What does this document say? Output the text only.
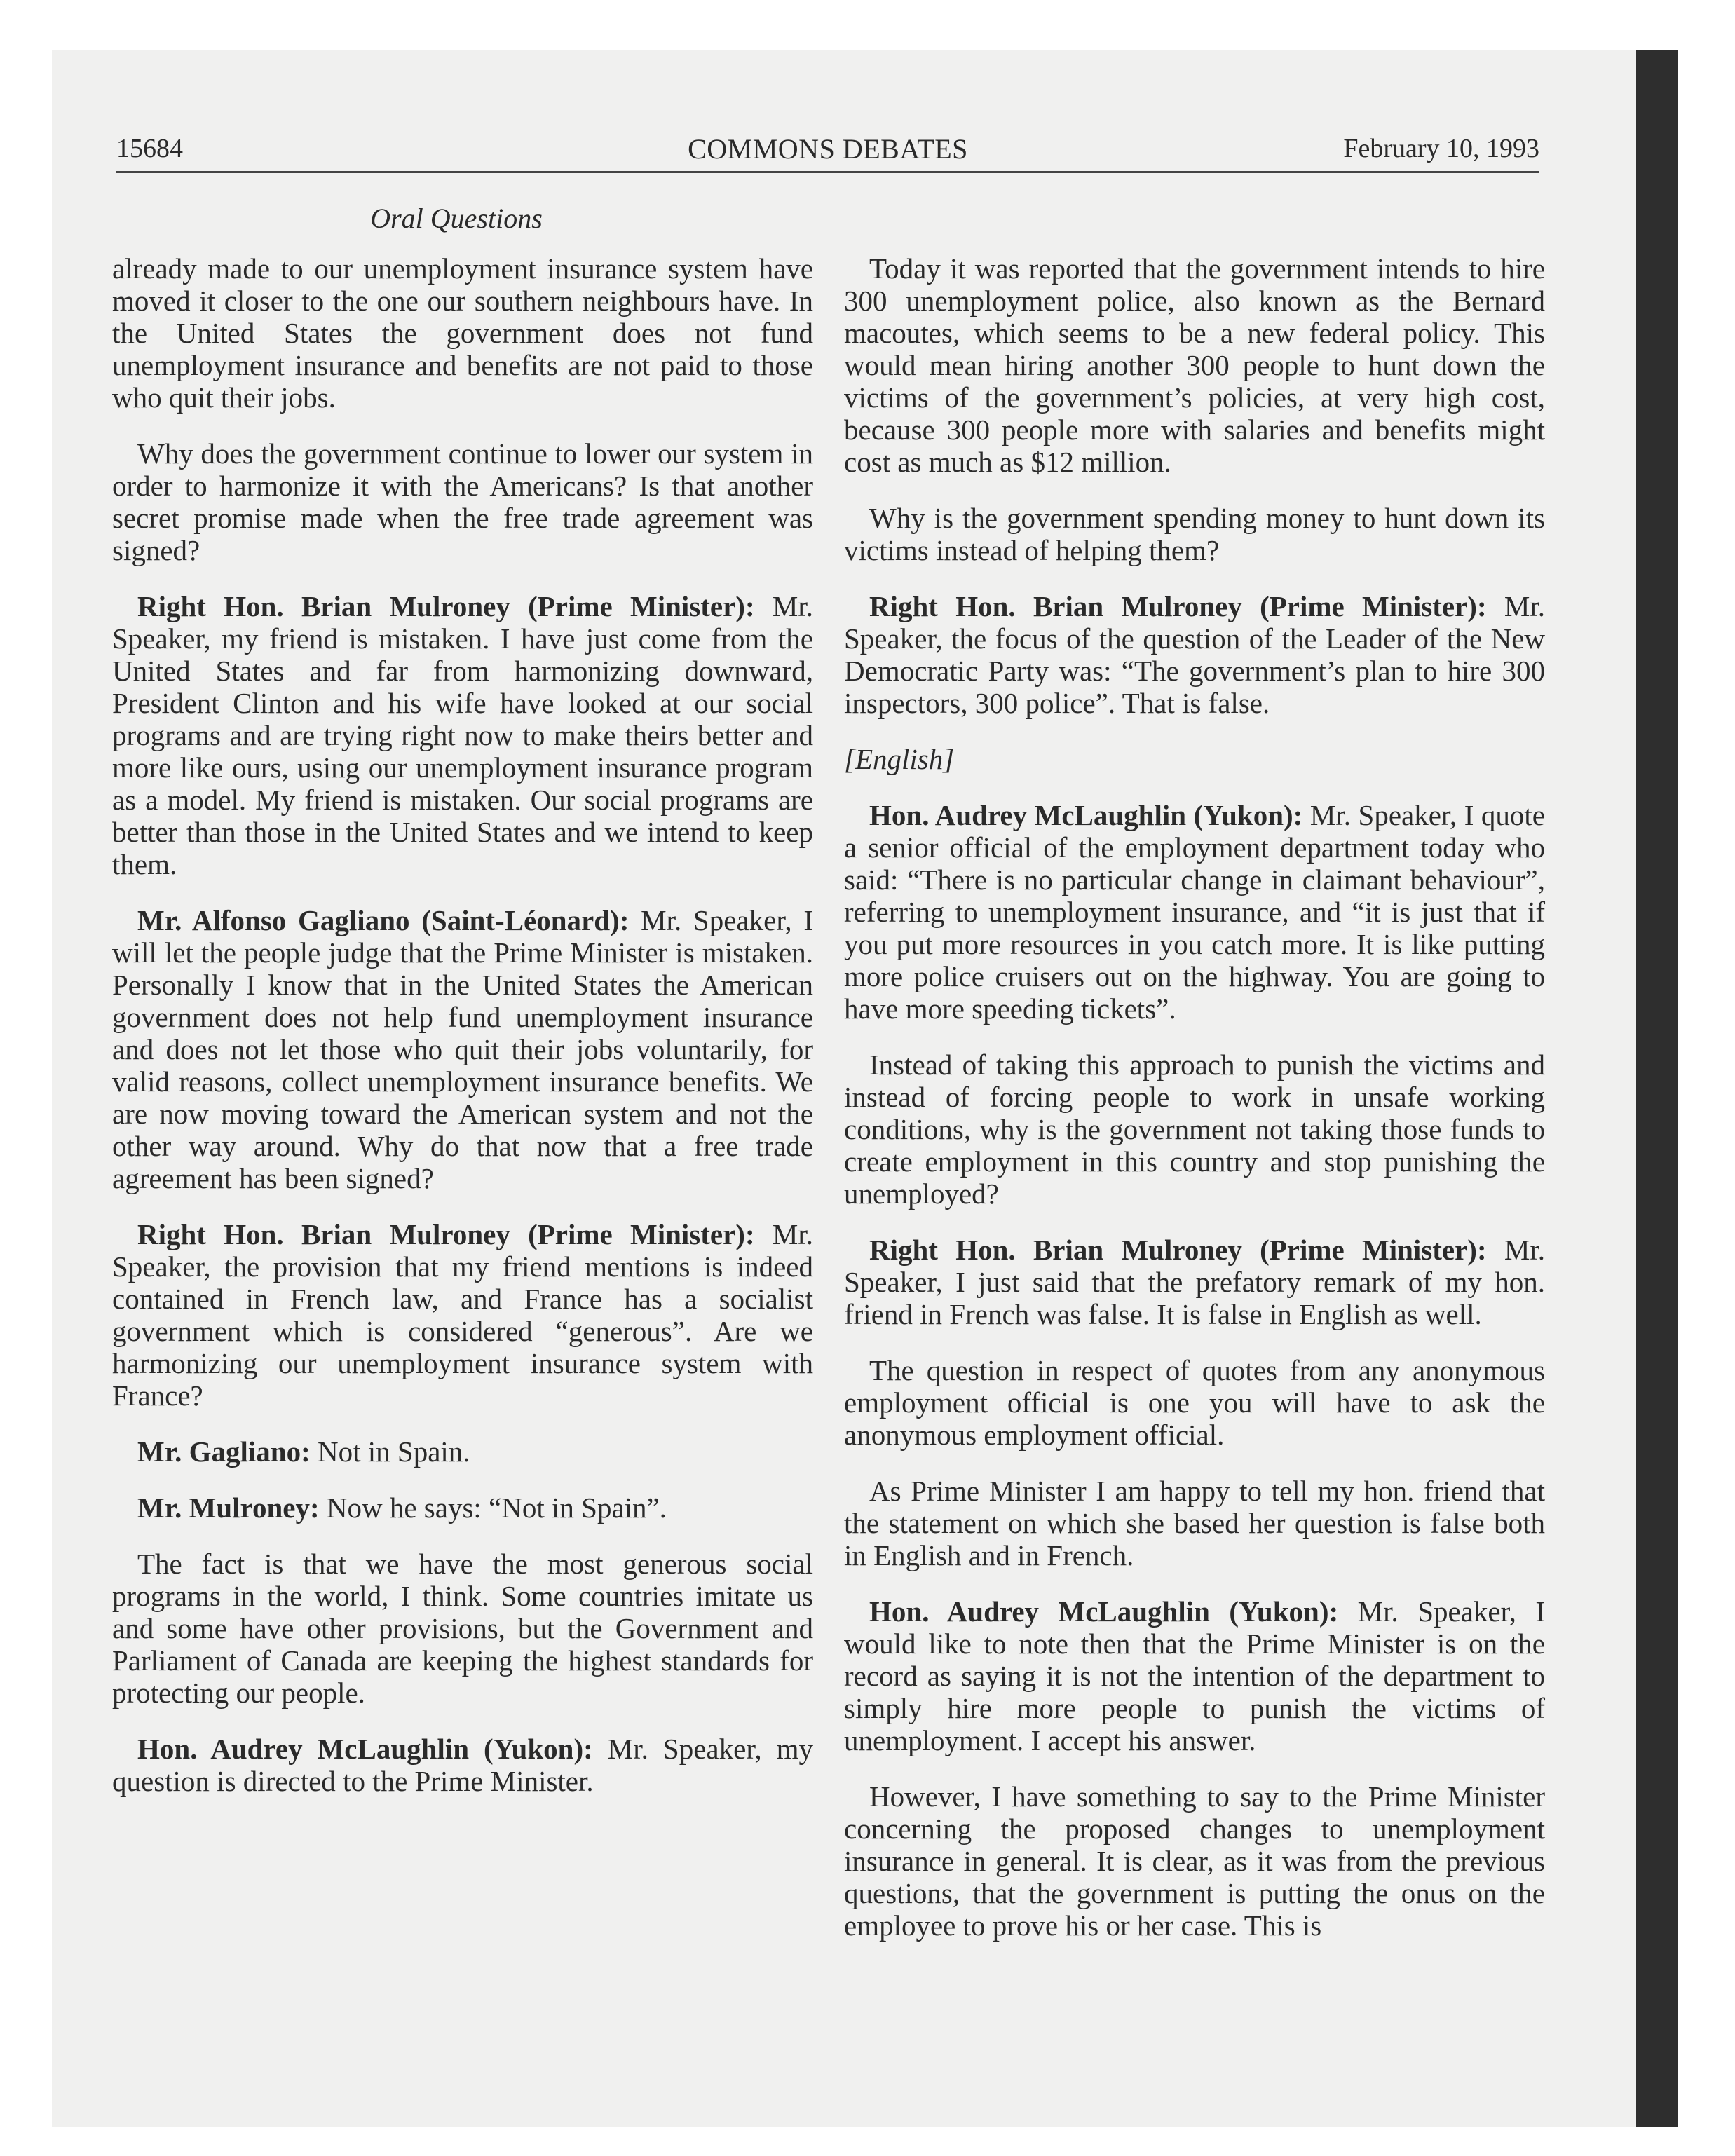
15684	COMMONS DEBATES	February 10, 1993
Oral Questions

already made to our unemployment insurance system have moved it closer to the one our southern neighbours have. In the United States the government does not fund unemployment insurance and benefits are not paid to those who quit their jobs.

Why does the government continue to lower our system in order to harmonize it with the Americans? Is that another secret promise made when the free trade agreement was signed?

Right Hon. Brian Mulroney (Prime Minister): Mr. Speaker, my friend is mistaken. I have just come from the United States and far from harmonizing downward, President Clinton and his wife have looked at our social programs and are trying right now to make theirs better and more like ours, using our unemployment insurance program as a model. My friend is mistaken. Our social programs are better than those in the United States and we intend to keep them.

Mr. Alfonso Gagliano (Saint-Léonard): Mr. Speaker, I will let the people judge that the Prime Minister is mistaken. Personally I know that in the United States the American government does not help fund unemployment insurance and does not let those who quit their jobs voluntarily, for valid reasons, collect unemployment insurance benefits. We are now moving toward the American system and not the other way around. Why do that now that a free trade agreement has been signed?

Right Hon. Brian Mulroney (Prime Minister): Mr. Speaker, the provision that my friend mentions is indeed contained in French law, and France has a socialist government which is considered “generous”. Are we harmonizing our unemployment insurance system with France?

Mr. Gagliano: Not in Spain.

Mr. Mulroney: Now he says: “Not in Spain”.

The fact is that we have the most generous social programs in the world, I think. Some countries imitate us and some have other provisions, but the Government and Parliament of Canada are keeping the highest standards for protecting our people.

Hon. Audrey McLaughlin (Yukon): Mr. Speaker, my question is directed to the Prime Minister.

Today it was reported that the government intends to hire 300 unemployment police, also known as the Bernard macoutes, which seems to be a new federal policy. This would mean hiring another 300 people to hunt down the victims of the government’s policies, at very high cost, because 300 people more with salaries and benefits might cost as much as $12 million.

Why is the government spending money to hunt down its victims instead of helping them?

Right Hon. Brian Mulroney (Prime Minister): Mr. Speaker, the focus of the question of the Leader of the New Democratic Party was: “The government’s plan to hire 300 inspectors, 300 police”. That is false.

[English]

Hon. Audrey McLaughlin (Yukon): Mr. Speaker, I quote a senior official of the employment department today who said: “There is no particular change in claimant behaviour”, referring to unemployment insurance, and “it is just that if you put more resources in you catch more. It is like putting more police cruisers out on the highway. You are going to have more speeding tickets”.

Instead of taking this approach to punish the victims and instead of forcing people to work in unsafe working conditions, why is the government not taking those funds to create employment in this country and stop punishing the unemployed?

Right Hon. Brian Mulroney (Prime Minister): Mr. Speaker, I just said that the prefatory remark of my hon. friend in French was false. It is false in English as well.

The question in respect of quotes from any anonymous employment official is one you will have to ask the anonymous employment official.

As Prime Minister I am happy to tell my hon. friend that the statement on which she based her question is false both in English and in French.

Hon. Audrey McLaughlin (Yukon): Mr. Speaker, I would like to note then that the Prime Minister is on the record as saying it is not the intention of the department to simply hire more people to punish the victims of unemployment. I accept his answer.

However, I have something to say to the Prime Minister concerning the proposed changes to unemployment insurance in general. It is clear, as it was from the previous questions, that the government is putting the onus on the employee to prove his or her case. This is
